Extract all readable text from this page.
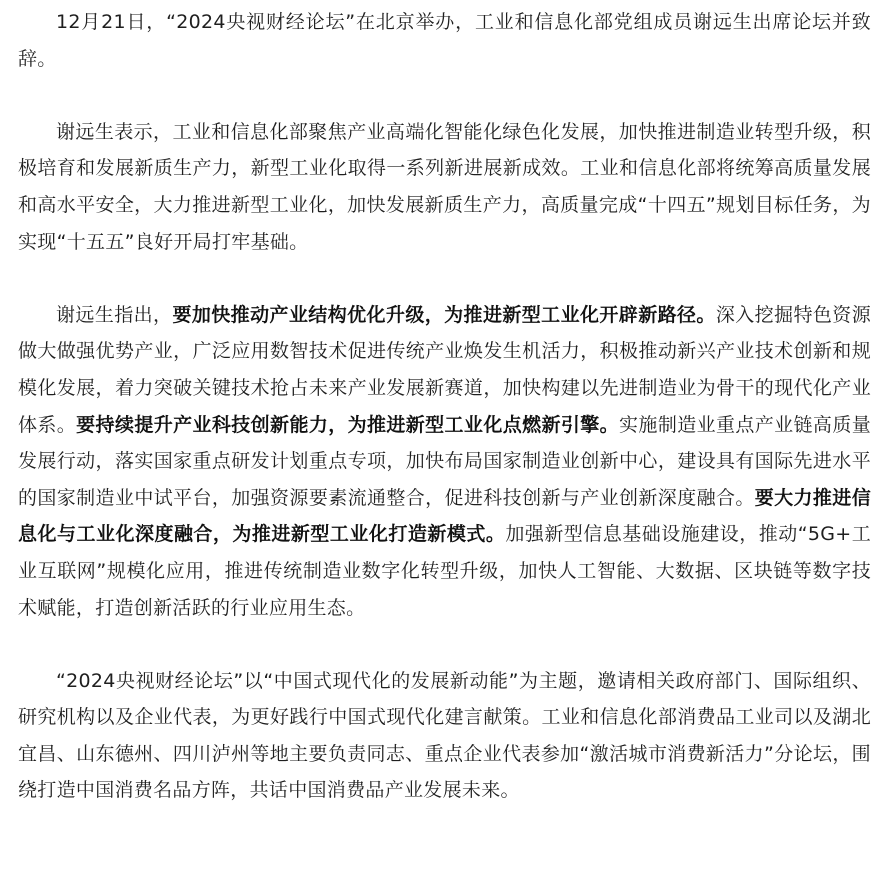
12月21日，“2024央视财经论坛”在北京举办，工业和信息化部党组成员谢远生出席论坛并致辞。

谢远生表示，工业和信息化部聚焦产业高端化智能化绿色化发展，加快推进制造业转型升级，积极培育和发展新质生产力，新型工业化取得一系列新进展新成效。工业和信息化部将统筹高质量发展和高水平安全，大力推进新型工业化，加快发展新质生产力，高质量完成“十四五”规划目标任务，为实现“十五五”良好开局打牢基础。

谢远生指出，要加快推动产业结构优化升级，为推进新型工业化开辟新路径。深入挖掘特色资源做大做强优势产业，广泛应用数智技术促进传统产业焕发生机活力，积极推动新兴产业技术创新和规模化发展，着力突破关键技术抢占未来产业发展新赛道，加快构建以先进制造业为骨干的现代化产业体系。要持续提升产业科技创新能力，为推进新型工业化点燃新引擎。实施制造业重点产业链高质量发展行动，落实国家重点研发计划重点专项，加快布局国家制造业创新中心，建设具有国际先进水平的国家制造业中试平台，加强资源要素流通整合，促进科技创新与产业创新深度融合。要大力推进信息化与工业化深度融合，为推进新型工业化打造新模式。加强新型信息基础设施建设，推动“5G+工业互联网”规模化应用，推进传统制造业数字化转型升级，加快人工智能、大数据、区块链等数字技术赋能，打造创新活跃的行业应用生态。

“2024央视财经论坛”以“中国式现代化的发展新动能”为主题，邀请相关政府部门、国际组织、研究机构以及企业代表，为更好践行中国式现代化建言献策。工业和信息化部消费品工业司以及湖北宜昌、山东德州、四川泸州等地主要负责同志、重点企业代表参加“激活城市消费新活力”分论坛，围绕打造中国消费名品方阵，共话中国消费品产业发展未来。
